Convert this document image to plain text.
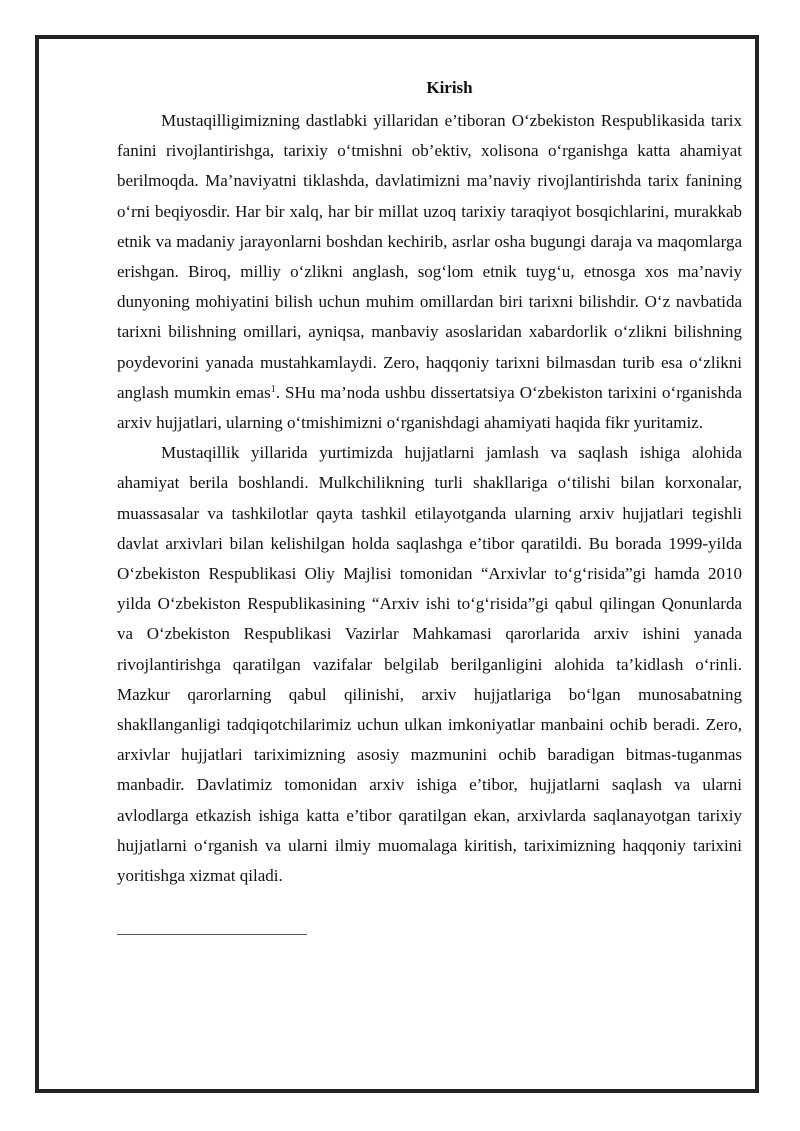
Kirish

Mustaqilligimizning dastlabki yillaridan e’tiboran O‘zbekiston Respublikasida tarix fanini rivojlantirishga, tarixiy o‘tmishni ob’ektiv, xolisona o‘rganishga katta ahamiyat berilmoqda. Ma’naviyatni tiklashda, davlatimizni ma’naviy rivojlantirishda tarix fanining o‘rni beqiyosdir. Har bir xalq, har bir millat uzoq tarixiy taraqiyot bosqichlarini, murakkab etnik va madaniy jarayonlarni boshdan kechirib, asrlar osha bugungi daraja va maqomlarga erishgan. Biroq, milliy o‘zlikni anglash, sog‘lom etnik tuyg‘u, etnosga xos ma’naviy dunyoning mohiyatini bilish uchun muhim omillardan biri tarixni bilishdir. O‘z navbatida tarixni bilishning omillari, ayniqsa, manbaviy asoslaridan xabardorlik o‘zlikni bilishning poydevorini yanada mustahkamlaydi. Zero, haqqoniy tarixni bilmasdan turib esa o‘zlikni anglash mumkin emas$^1$. SHu ma’noda ushbu dissertatsiya O‘zbekiston tarixini o‘rganishda arxiv hujjatlari, ularning o‘tmishimizni o‘rganishdagi ahamiyati haqida fikr yuritamiz.

Mustaqillik yillarida yurtimizda hujjatlarni jamlash va saqlash ishiga alohida ahamiyat berila boshlandi. Mulkchilikning turli shakllariga o‘tilishi bilan korxonalar, muassasalar va tashkilotlar qayta tashkil etilayotganda ularning arxiv hujjatlari tegishli davlat arxivlari bilan kelishilgan holda saqlashga e’tibor qaratildi. Bu borada 1999-yilda O‘zbekiston Respublikasi Oliy Majlisi tomonidan “Arxivlar to‘g‘risida”gi hamda 2010 yilda O‘zbekiston Respublikasining “Arxiv ishi to‘g‘risida”gi qabul qilingan Qonunlarda va O‘zbekiston Respublikasi Vazirlar Mahkamasi qarorlarida arxiv ishini yanada rivojlantirishga qaratilgan vazifalar belgilab berilganligini alohida ta’kidlash o‘rinli. Mazkur qarorlarning qabul qilinishi, arxiv hujjatlariga bo‘lgan munosabatning shakllanganligi tadqiqotchilarimiz uchun ulkan imkoniyatlar manbaini ochib beradi. Zero, arxivlar hujjatlari tariximizning asosiy mazmunini ochib baradigan bitmas-tuganmas manbadir. Davlatimiz tomonidan arxiv ishiga e’tibor, hujjatlarni saqlash va ularni avlodlarga etkazish ishiga katta e’tibor qaratilgan ekan, arxivlarda saqlanayotgan tarixiy hujjatlarni o‘rganish va ularni ilmiy muomalaga kiritish, tariximizning haqqoniy tarixini yoritishga xizmat qiladi.
